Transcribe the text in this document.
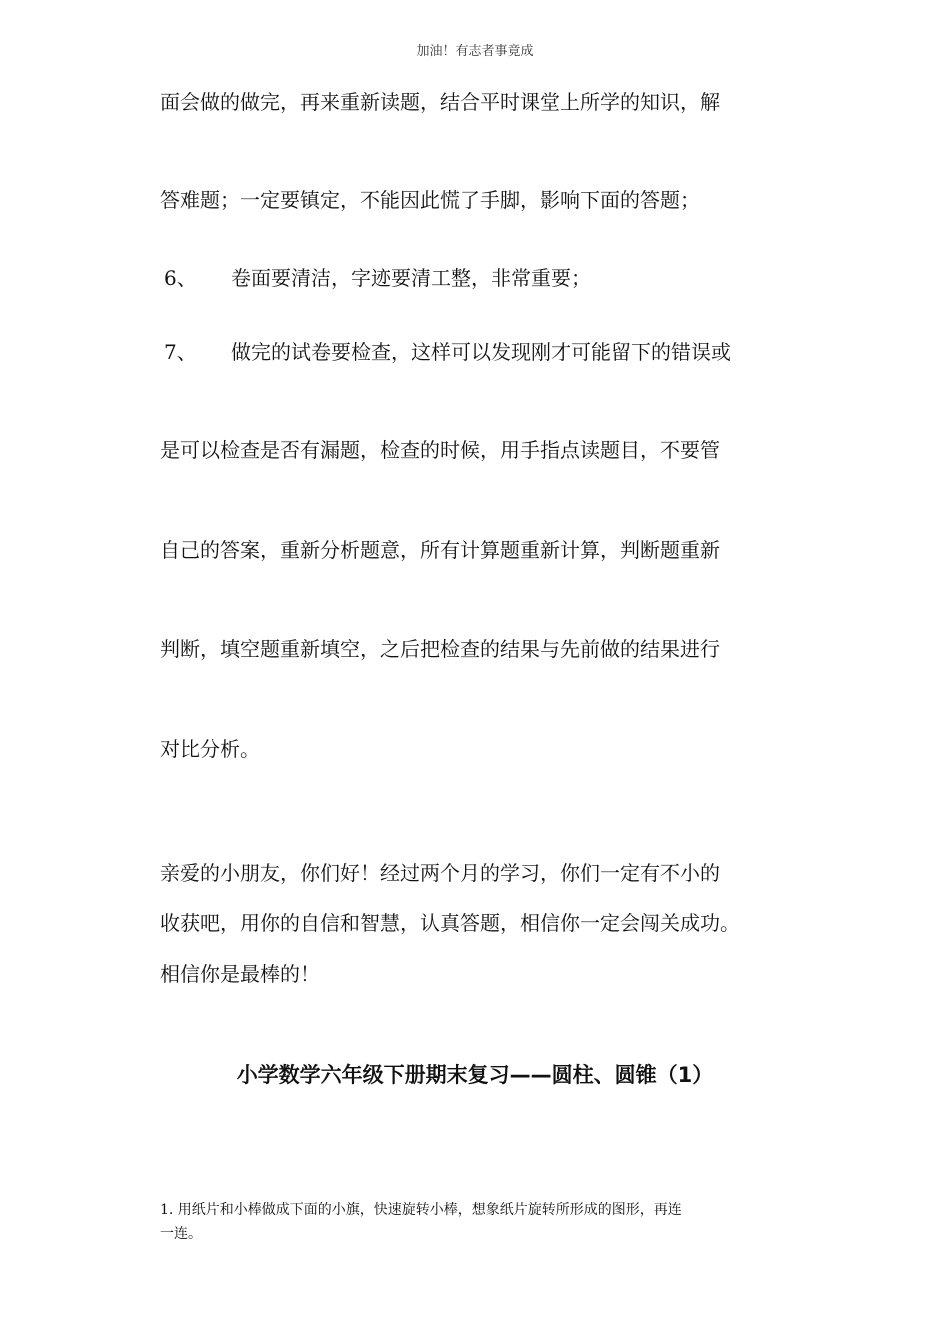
加油！有志者事竟成
面会做的做完，再来重新读题，结合平时课堂上所学的知识，解
答难题；一定要镇定，不能因此慌了手脚，影响下面的答题；
6、 卷面要清洁，字迹要清工整，非常重要；
7、 做完的试卷要检查，这样可以发现刚才可能留下的错误或
是可以检查是否有漏题，检查的时候，用手指点读题目，不要管
自己的答案，重新分析题意，所有计算题重新计算，判断题重新
判断，填空题重新填空，之后把检查的结果与先前做的结果进行
对比分析。
亲爱的小朋友，你们好！经过两个月的学习，你们一定有不小的
收获吧，用你的自信和智慧，认真答题，相信你一定会闯关成功。
相信你是最棒的！
小学数学六年级下册期末复习——圆柱、圆锥（1）
1. 用纸片和小棒做成下面的小旗，快速旋转小棒，想象纸片旋转所形成的图形，再连
一连。
